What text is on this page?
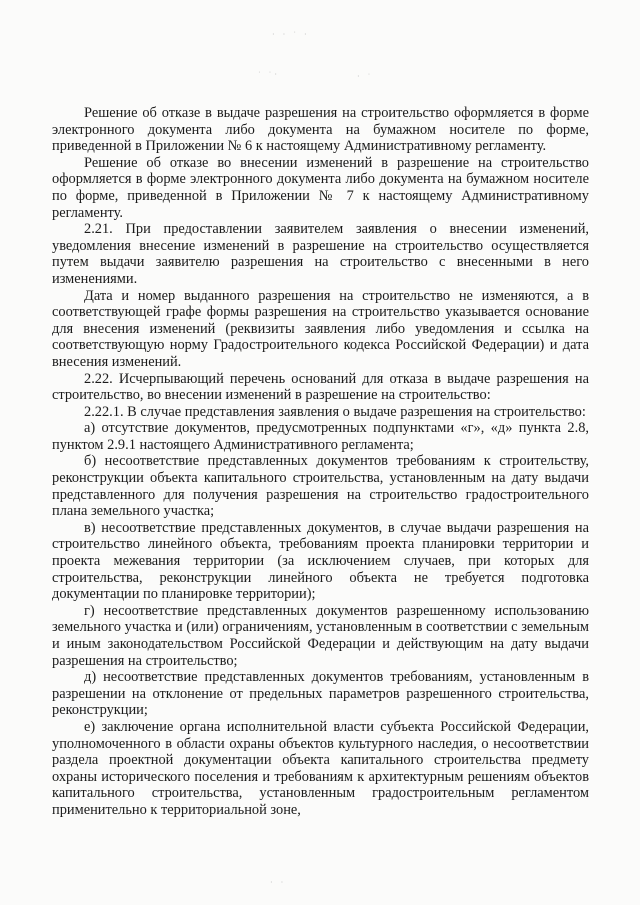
· · ˙ ·
˙ ˙·	· ˙
· ·

Решение об отказе в выдаче разрешения на строительство оформляется в форме электронного документа либо документа на бумажном носителе по форме, приведенной в Приложении № 6 к настоящему Административному регламенту.

Решение об отказе во внесении изменений в разрешение на строительство оформляется в форме электронного документа либо документа на бумажном носителе по форме, приведенной в Приложении № 7 к настоящему Административному регламенту.

2.21. При предоставлении заявителем заявления о внесении изменений, уведомления внесение изменений в разрешение на строительство осуществляется путем выдачи заявителю разрешения на строительство с внесенными в него изменениями.

Дата и номер выданного разрешения на строительство не изменяются, а в соответствующей графе формы разрешения на строительство указывается основание для внесения изменений (реквизиты заявления либо уведомления и ссылка на соответствующую норму Градостроительного кодекса Российской Федерации) и дата внесения изменений.

2.22. Исчерпывающий перечень оснований для отказа в выдаче разрешения на строительство, во внесении изменений в разрешение на строительство:

2.22.1. В случае представления заявления о выдаче разрешения на строительство:

а) отсутствие документов, предусмотренных подпунктами «г», «д» пункта 2.8, пунктом 2.9.1 настоящего Административного регламента;

б) несоответствие представленных документов требованиям к строительству, реконструкции объекта капитального строительства, установленным на дату выдачи представленного для получения разрешения на строительство градостроительного плана земельного участка;

в) несоответствие представленных документов, в случае выдачи разрешения на строительство линейного объекта, требованиям проекта планировки территории и проекта межевания территории (за исключением случаев, при которых для строительства, реконструкции линейного объекта не требуется подготовка документации по планировке территории);

г) несоответствие представленных документов разрешенному использованию земельного участка и (или) ограничениям, установленным в соответствии с земельным и иным законодательством Российской Федерации и действующим на дату выдачи разрешения на строительство;

д) несоответствие представленных документов требованиям, установленным в разрешении на отклонение от предельных параметров разрешенного строительства, реконструкции;

е) заключение органа исполнительной власти субъекта Российской Федерации, уполномоченного в области охраны объектов культурного наследия, о несоответствии раздела проектной документации объекта капитального строительства предмету охраны исторического поселения и требованиям к архитектурным решениям объектов капитального строительства, установленным градостроительным регламентом применительно к территориальной зоне,
